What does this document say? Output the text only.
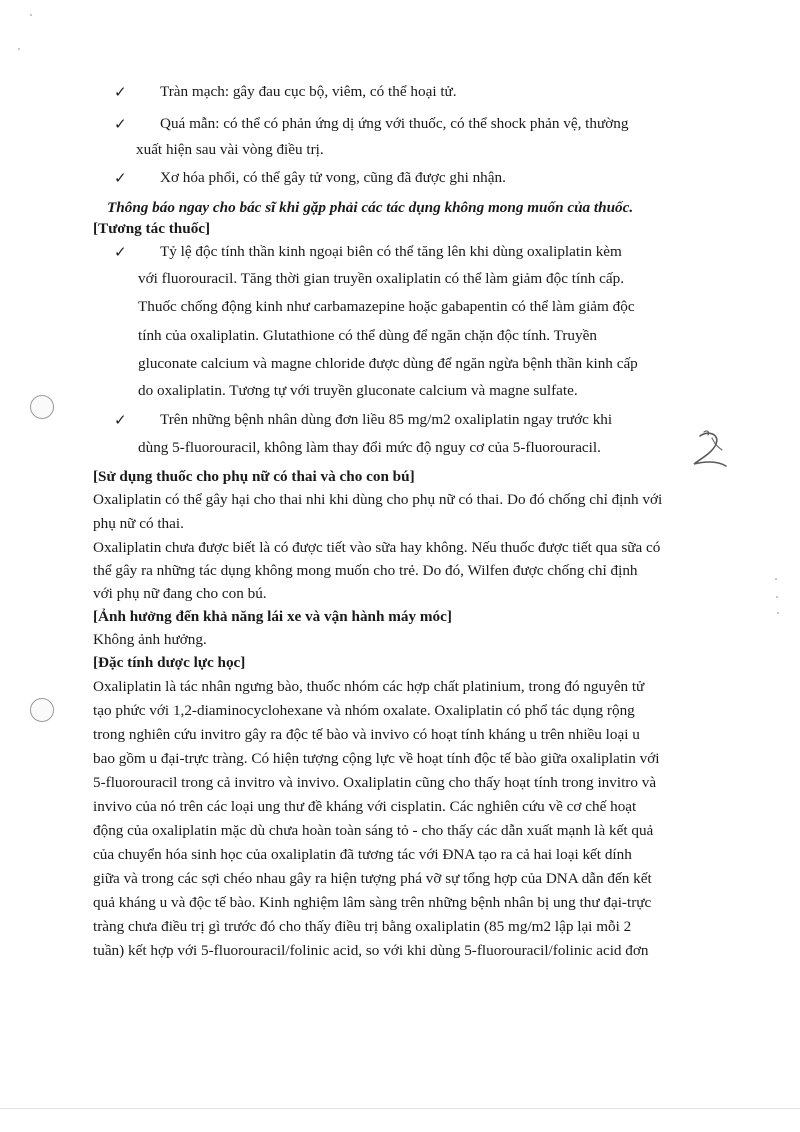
✓ Tràn mạch: gây đau cục bộ, viêm, có thể hoại tử.
✓ Quá mẫn: có thể có phản ứng dị ứng với thuốc, có thể shock phản vệ, thường
xuất hiện sau vài vòng điều trị.
✓ Xơ hóa phổi, có thể gây tử vong, cũng đã được ghi nhận.
Thông báo ngay cho bác sĩ khi gặp phải các tác dụng không mong muốn của thuốc.
[Tương tác thuốc]
✓ Tỷ lệ độc tính thần kinh ngoại biên có thể tăng lên khi dùng oxaliplatin kèm
với fluorouracil. Tăng thời gian truyền oxaliplatin có thể làm giảm độc tính cấp.
Thuốc chống động kinh như carbamazepine hoặc gabapentin có thể làm giảm độc
tính của oxaliplatin. Glutathione có thể dùng để ngăn chặn độc tính. Truyền
gluconate calcium và magne chloride được dùng để ngăn ngừa bệnh thần kinh cấp
do oxaliplatin. Tương tự với truyền gluconate calcium và magne sulfate.
✓ Trên những bệnh nhân dùng đơn liều 85 mg/m2 oxaliplatin ngay trước khi
dùng 5-fluorouracil, không làm thay đổi mức độ nguy cơ của 5-fluorouracil.
[Sử dụng thuốc cho phụ nữ có thai và cho con bú]
Oxaliplatin có thể gây hại cho thai nhi khi dùng cho phụ nữ có thai. Do đó chống chỉ định với
phụ nữ có thai.
Oxaliplatin chưa được biết là có được tiết vào sữa hay không. Nếu thuốc được tiết qua sữa có
thể gây ra những tác dụng không mong muốn cho trẻ. Do đó, Wilfen được chống chỉ định
với phụ nữ đang cho con bú.
[Ảnh hưởng đến khả năng lái xe và vận hành máy móc]
Không ảnh hưởng.
[Đặc tính dược lực học]
Oxaliplatin là tác nhân ngưng bào, thuốc nhóm các hợp chất platinium, trong đó nguyên tử
tạo phức với 1,2-diaminocyclohexane và nhóm oxalate. Oxaliplatin có phổ tác dụng rộng
trong nghiên cứu invitro gây ra độc tế bào và invivo có hoạt tính kháng u trên nhiều loại u
bao gồm u đại-trực tràng. Có hiện tượng cộng lực về hoạt tính độc tế bào giữa oxaliplatin với
5-fluorouracil trong cả invitro và invivo. Oxaliplatin cũng cho thấy hoạt tính trong invitro và
invivo của nó trên các loại ung thư đề kháng với cisplatin. Các nghiên cứu về cơ chế hoạt
động của oxaliplatin mặc dù chưa hoàn toàn sáng tỏ - cho thấy các dẫn xuất mạnh là kết quả
của chuyển hóa sinh học của oxaliplatin đã tương tác với ĐNA tạo ra cả hai loại kết dính
giữa và trong các sợi chéo nhau gây ra hiện tượng phá vỡ sự tổng hợp của DNA dẫn đến kết
quả kháng u và độc tế bào. Kinh nghiệm lâm sàng trên những bệnh nhân bị ung thư đại-trực
tràng chưa điều trị gì trước đó cho thấy điều trị bằng oxaliplatin (85 mg/m2 lập lại mỗi 2
tuần) kết hợp với 5-fluorouracil/folinic acid, so với khi dùng 5-fluorouracil/folinic acid đơn
